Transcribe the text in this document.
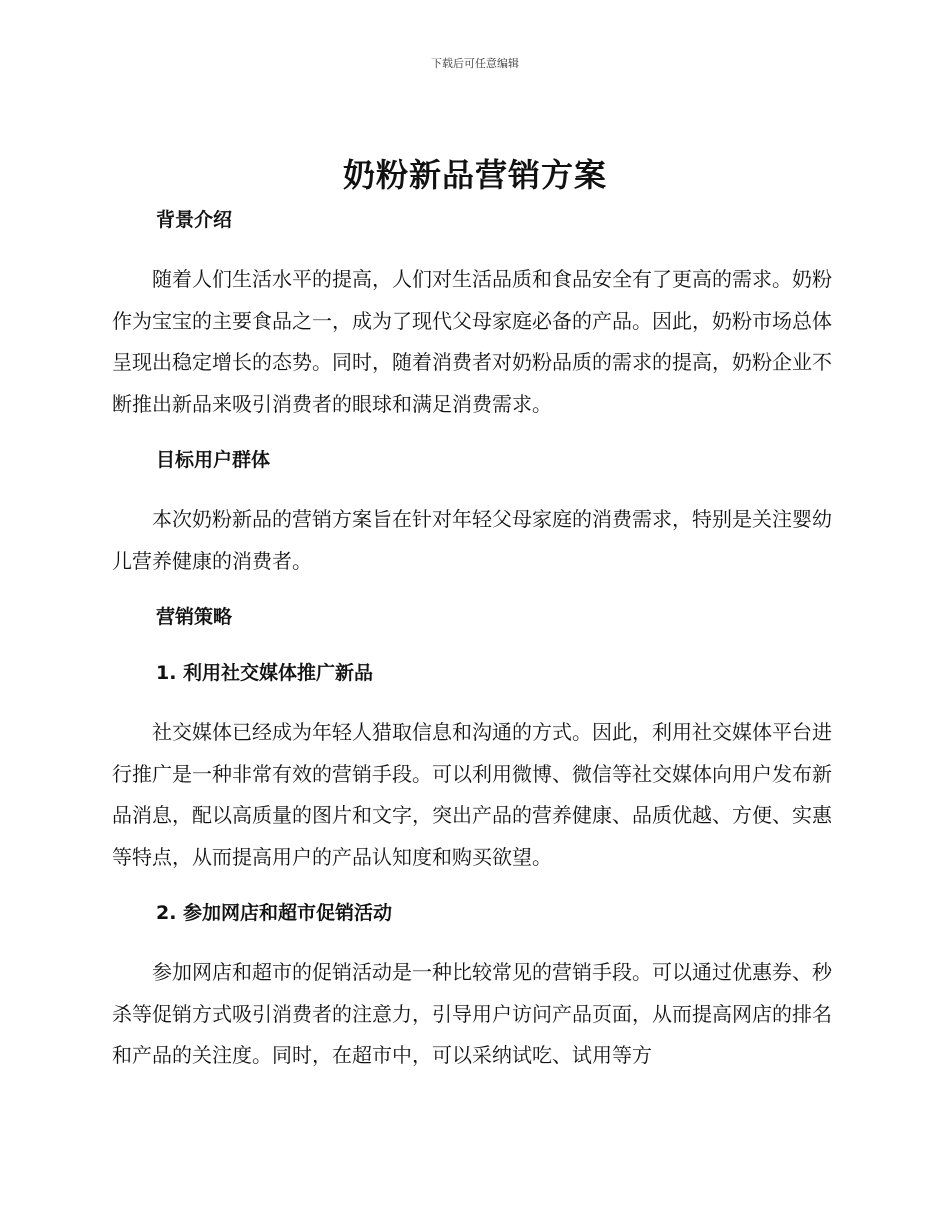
下载后可任意编辑
奶粉新品营销方案
背景介绍

随着人们生活水平的提高，人们对生活品质和食品安全有了更高的需求。奶粉作为宝宝的主要食品之一，成为了现代父母家庭必备的产品。因此，奶粉市场总体呈现出稳定增长的态势。同时，随着消费者对奶粉品质的需求的提高，奶粉企业不断推出新品来吸引消费者的眼球和满足消费需求。

目标用户群体

本次奶粉新品的营销方案旨在针对年轻父母家庭的消费需求，特别是关注婴幼儿营养健康的消费者。

营销策略
1. 利用社交媒体推广新品

社交媒体已经成为年轻人猎取信息和沟通的方式。因此，利用社交媒体平台进行推广是一种非常有效的营销手段。可以利用微博、微信等社交媒体向用户发布新品消息，配以高质量的图片和文字，突出产品的营养健康、品质优越、方便、实惠等特点，从而提高用户的产品认知度和购买欲望。

2. 参加网店和超市促销活动

参加网店和超市的促销活动是一种比较常见的营销手段。可以通过优惠券、秒杀等促销方式吸引消费者的注意力，引导用户访问产品页面，从而提高网店的排名和产品的关注度。同时，在超市中，可以采纳试吃、试用等方
